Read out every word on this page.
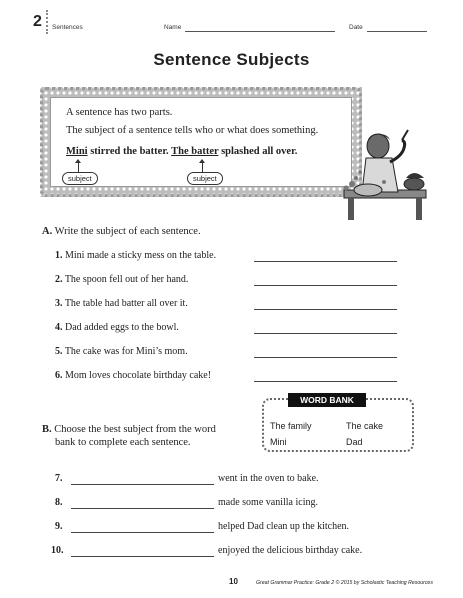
2 Sentences	Name	Date
Sentence Subjects
A sentence has two parts.
The subject of a sentence tells who or what does something.
Mini stirred the batter. The batter splashed all over.
subject	subject
A. Write the subject of each sentence.
1. Mini made a sticky mess on the table.
2. The spoon fell out of her hand.
3. The table had batter all over it.
4. Dad added eggs to the bowl.
5. The cake was for Mini’s mom.
6. Mom loves chocolate birthday cake!
B. Choose the best subject from the word
bank to complete each sentence.
WORD BANK
The family	The cake
Mini	Dad
7.	went in the oven to bake.
8.	made some vanilla icing.
9.	helped Dad clean up the kitchen.
10.	enjoyed the delicious birthday cake.
10	Great Grammar Practice: Grade 2 © 2015 by Scholastic Teaching Resources
